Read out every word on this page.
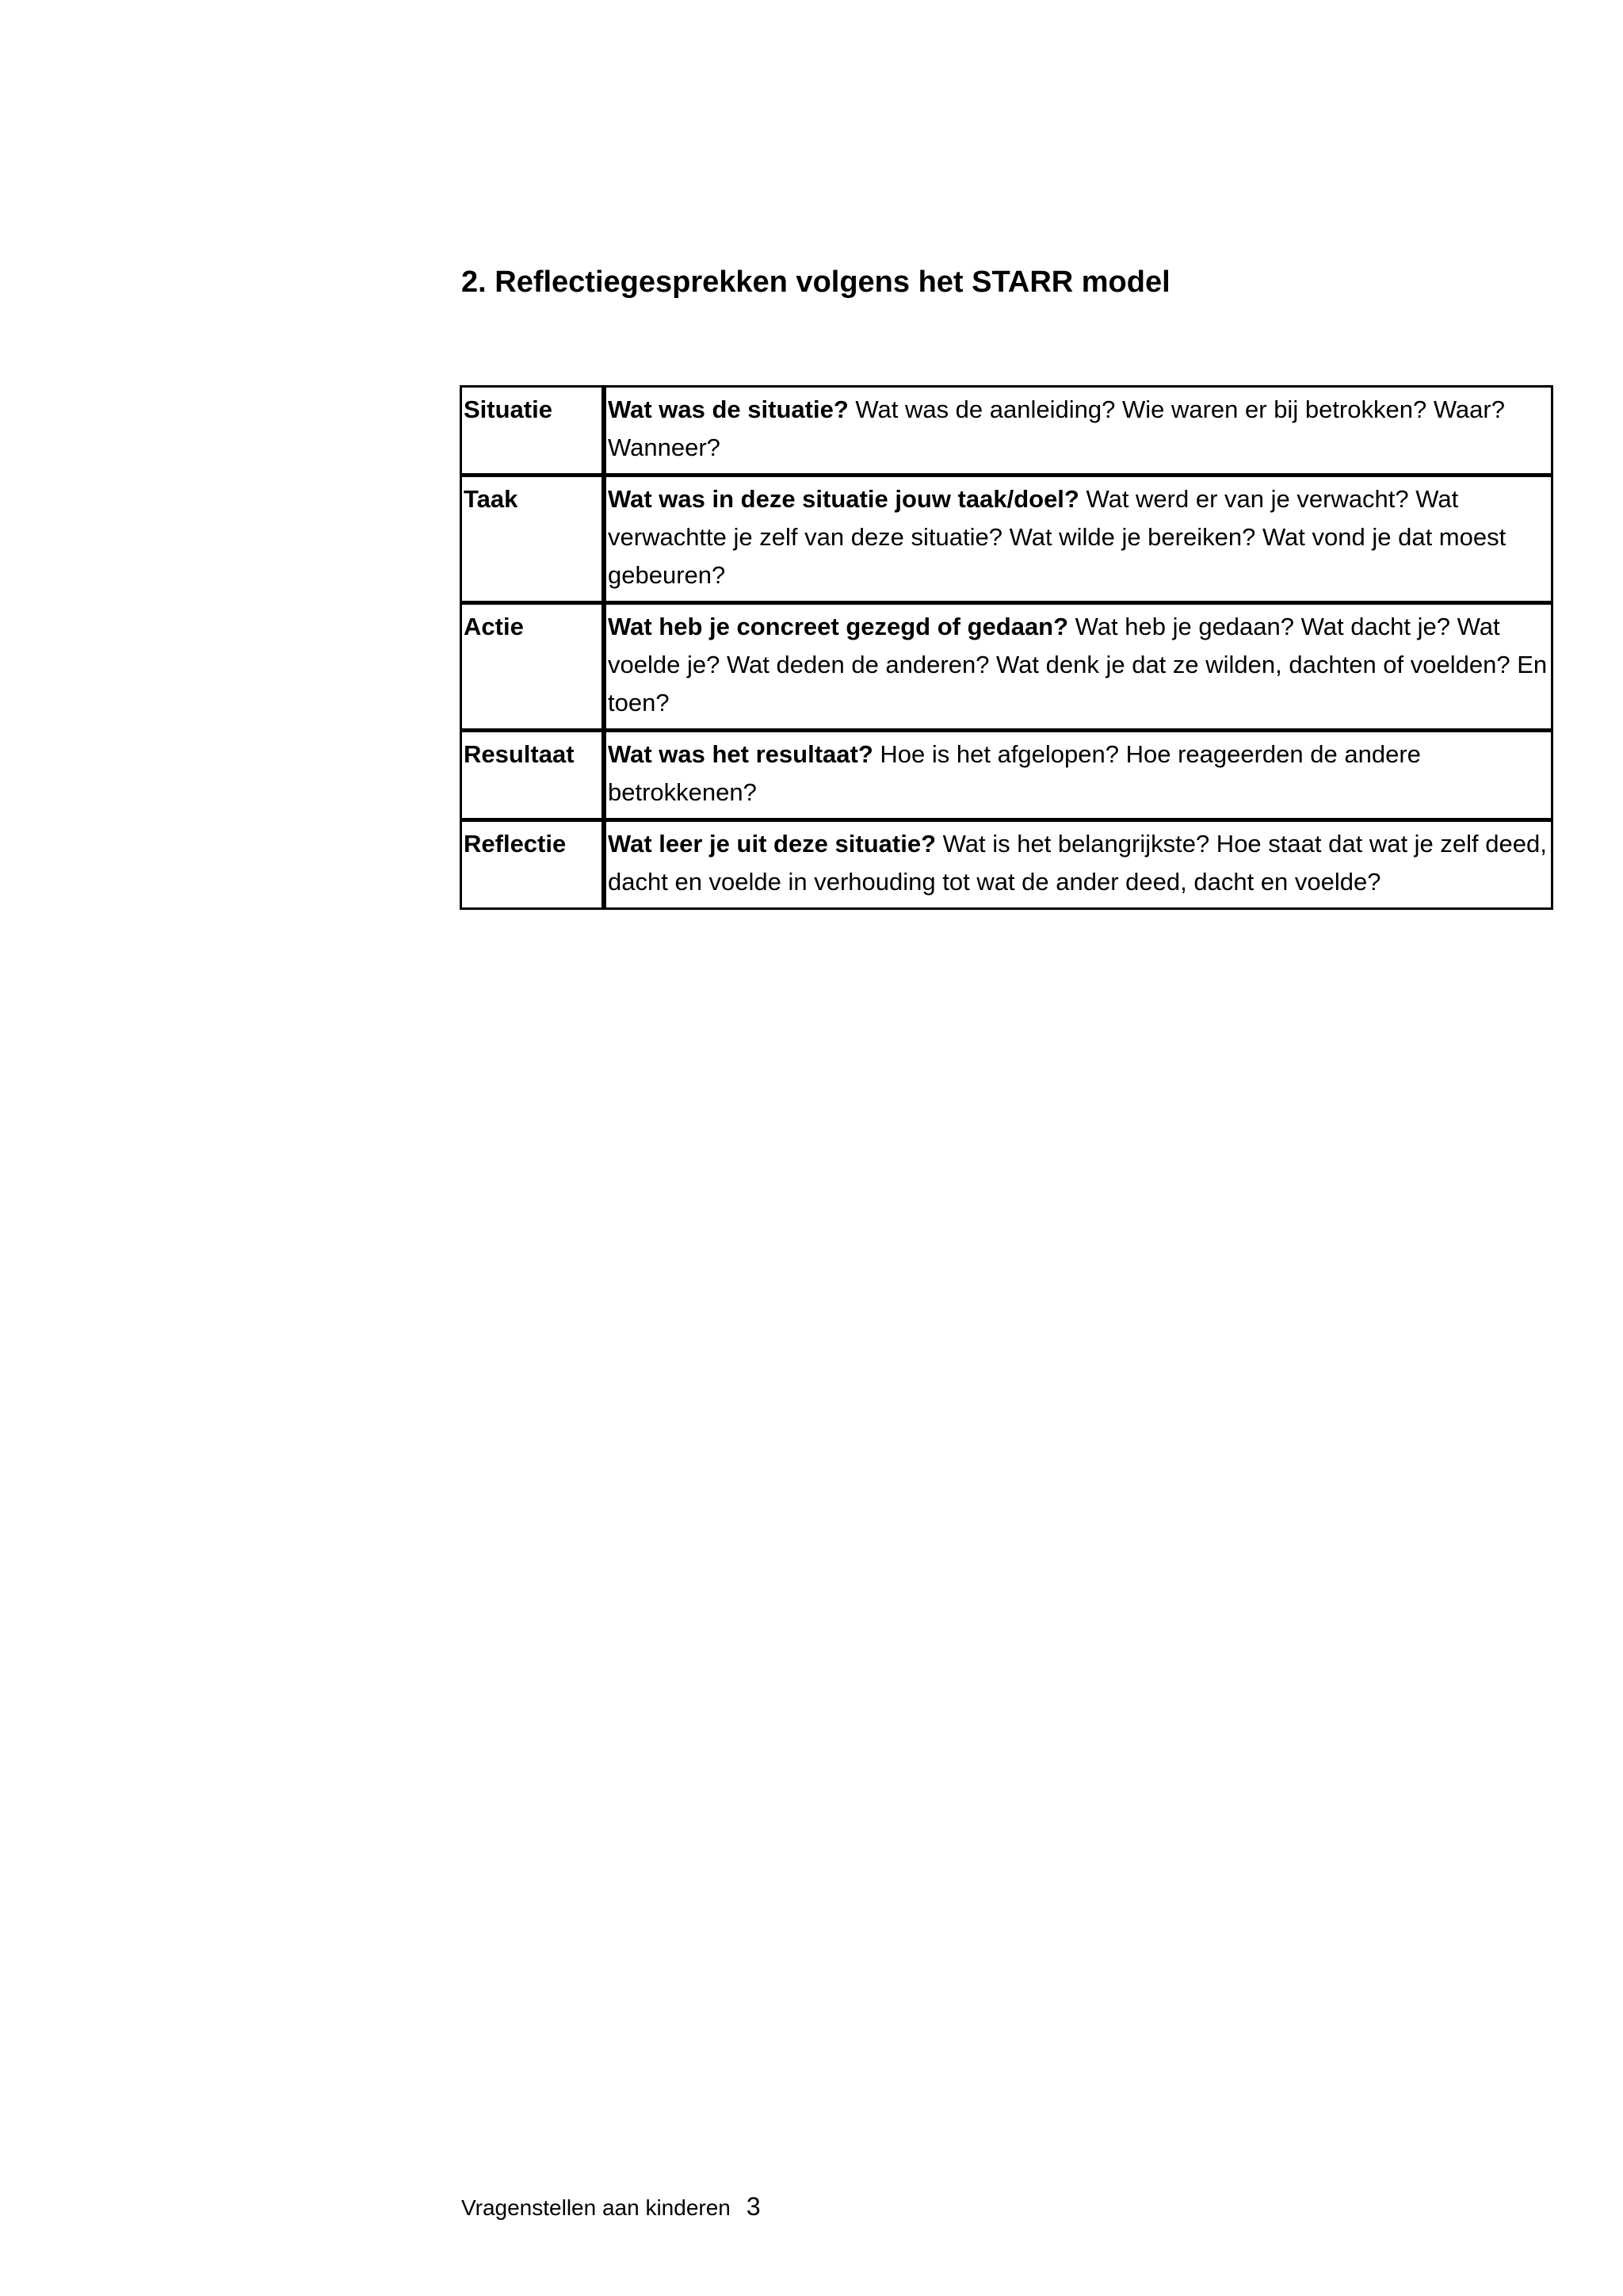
2. Reflectiegesprekken volgens het STARR model
Situatie	Wat was de situatie? Wat was de aanleiding? Wie waren er bij betrokken? Waar? Wanneer?
Taak	Wat was in deze situatie jouw taak/doel? Wat werd er van je verwacht? Wat verwachtte je zelf van deze situatie? Wat wilde je bereiken? Wat vond je dat moest gebeuren?
Actie	Wat heb je concreet gezegd of gedaan? Wat heb je gedaan? Wat dacht je? Wat voelde je? Wat deden de anderen? Wat denk je dat ze wilden, dachten of voelden? En toen?
Resultaat	Wat was het resultaat? Hoe is het afgelopen? Hoe reageerden de andere betrokkenen?
Reflectie	Wat leer je uit deze situatie? Wat is het belangrijkste? Hoe staat dat wat je zelf deed, dacht en voelde in verhouding tot wat de ander deed, dacht en voelde?
Vragenstellen aan kinderen 3
